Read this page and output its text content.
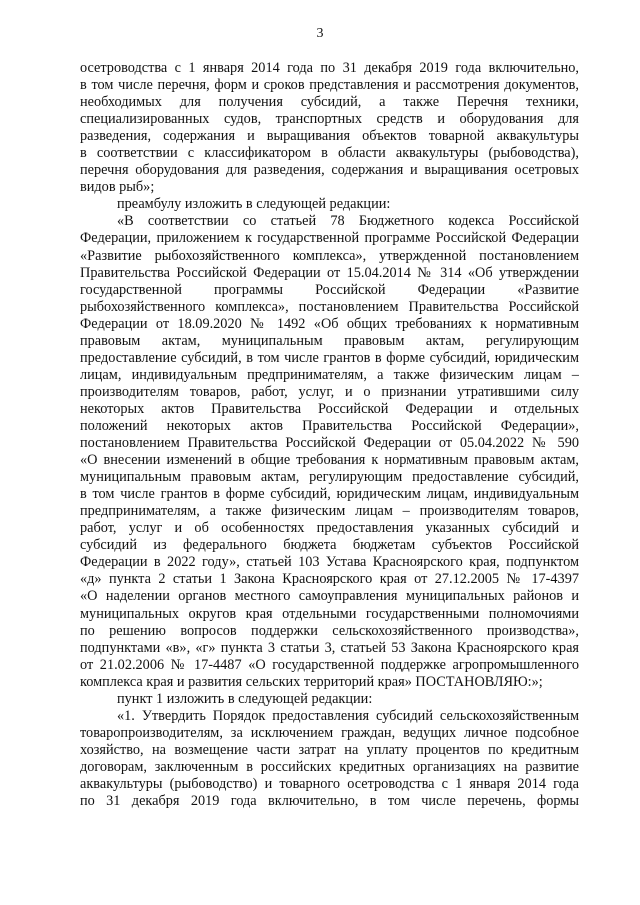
3
осетроводства с 1 января 2014 года по 31 декабря 2019 года включительно,
в том числе перечня, форм и сроков представления и рассмотрения документов,
необходимых для получения субсидий, а также Перечня техники,
специализированных судов, транспортных средств и оборудования для
разведения, содержания и выращивания объектов товарной аквакультуры
в соответствии с классификатором в области аквакультуры (рыбоводства),
перечня оборудования для разведения, содержания и выращивания осетровых
видов рыб»;
преамбулу изложить в следующей редакции:
«В соответствии со статьей 78 Бюджетного кодекса Российской
Федерации, приложением к государственной программе Российской Федерации
«Развитие рыбохозяйственного комплекса», утвержденной постановлением
Правительства Российской Федерации от 15.04.2014 № 314 «Об утверждении
государственной программы Российской Федерации «Развитие
рыбохозяйственного комплекса», постановлением Правительства Российской
Федерации от 18.09.2020 № 1492 «Об общих требованиях к нормативным
правовым актам, муниципальным правовым актам, регулирующим
предоставление субсидий, в том числе грантов в форме субсидий, юридическим
лицам, индивидуальным предпринимателям, а также физическим лицам –
производителям товаров, работ, услуг, и о признании утратившими силу
некоторых актов Правительства Российской Федерации и отдельных
положений некоторых актов Правительства Российской Федерации»,
постановлением Правительства Российской Федерации от 05.04.2022 № 590
«О внесении изменений в общие требования к нормативным правовым актам,
муниципальным правовым актам, регулирующим предоставление субсидий,
в том числе грантов в форме субсидий, юридическим лицам, индивидуальным
предпринимателям, а также физическим лицам – производителям товаров,
работ, услуг и об особенностях предоставления указанных субсидий и
субсидий из федерального бюджета бюджетам субъектов Российской
Федерации в 2022 году», статьей 103 Устава Красноярского края, подпунктом
«д» пункта 2 статьи 1 Закона Красноярского края от 27.12.2005 № 17-4397
«О наделении органов местного самоуправления муниципальных районов и
муниципальных округов края отдельными государственными полномочиями
по решению вопросов поддержки сельскохозяйственного производства»,
подпунктами «в», «г» пункта 3 статьи 3, статьей 53 Закона Красноярского края
от 21.02.2006 № 17-4487 «О государственной поддержке агропромышленного
комплекса края и развития сельских территорий края» ПОСТАНОВЛЯЮ:»;
пункт 1 изложить в следующей редакции:
«1. Утвердить Порядок предоставления субсидий сельскохозяйственным
товаропроизводителям, за исключением граждан, ведущих личное подсобное
хозяйство, на возмещение части затрат на уплату процентов по кредитным
договорам, заключенным в российских кредитных организациях на развитие
аквакультуры (рыбоводство) и товарного осетроводства с 1 января 2014 года
по 31 декабря 2019 года включительно, в том числе перечень, формы
